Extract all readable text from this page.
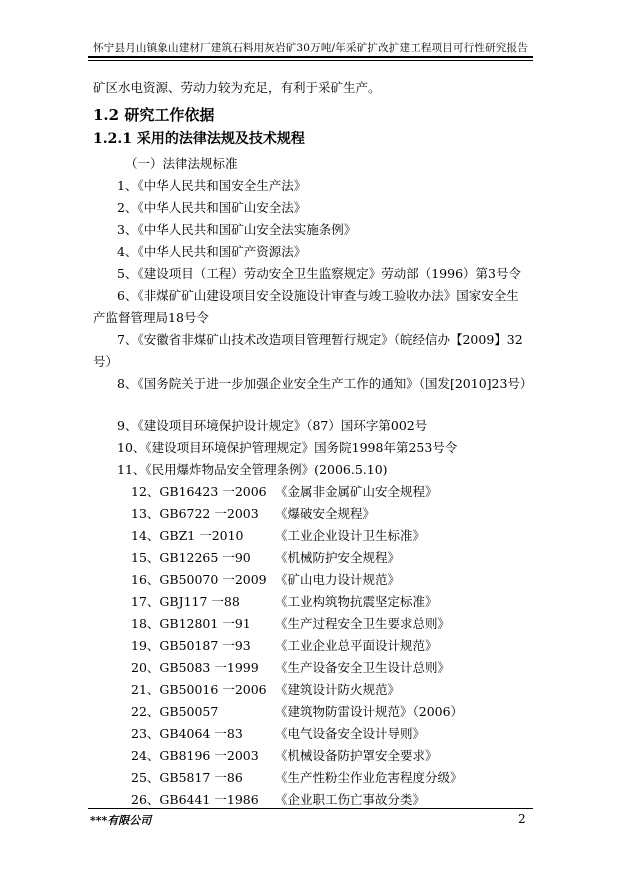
怀宁县月山镇象山建材厂建筑石料用灰岩矿30万吨/年采矿扩改扩建工程项目可行性研究报告
矿区水电资源、劳动力较为充足，有利于采矿生产。
1.2 研究工作依据
1.2.1 采用的法律法规及技术规程
（一）法律法规标准
1、《中华人民共和国安全生产法》
2、《中华人民共和国矿山安全法》
3、《中华人民共和国矿山安全法实施条例》
4、《中华人民共和国矿产资源法》
5、《建设项目（工程）劳动安全卫生监察规定》劳动部（1996）第3号令
6、《非煤矿矿山建设项目安全设施设计审查与竣工验收办法》国家安全生
产监督管理局18号令
7、《安徽省非煤矿山技术改造项目管理暂行规定》（皖经信办【2009】32
号）
8、《国务院关于进一步加强企业安全生产工作的通知》（国发[2010]23号）
9、《建设项目环境保护设计规定》（87）国环字第002号
10、《建设项目环境保护管理规定》国务院1998年第253号令
11、《民用爆炸物品安全管理条例》(2006.5.10)
12、GB16423 一2006 《金属非金属矿山安全规程》
13、GB6722 一2003 《爆破安全规程》
14、GBZ1 一2010	《工业企业设计卫生标准》
15、GB12265 一90 《机械防护安全规程》
16、GB50070 一2009 《矿山电力设计规范》
17、GBJ117 一88	《工业构筑物抗震坚定标准》
18、GB12801 一91 《生产过程安全卫生要求总则》
19、GB50187 一93 《工业企业总平面设计规范》
20、GB5083 一1999 《生产设备安全卫生设计总则》
21、GB50016 一2006 《建筑设计防火规范》
22、GB50057	《建筑物防雷设计规范》（2006）
23、GB4064 一83	《电气设备安全设计导则》
24、GB8196 一2003 《机械设备防护罩安全要求》
25、GB5817 一86	《生产性粉尘作业危害程度分级》
26、GB6441 一1986 《企业职工伤亡事故分类》
***有限公司	2
